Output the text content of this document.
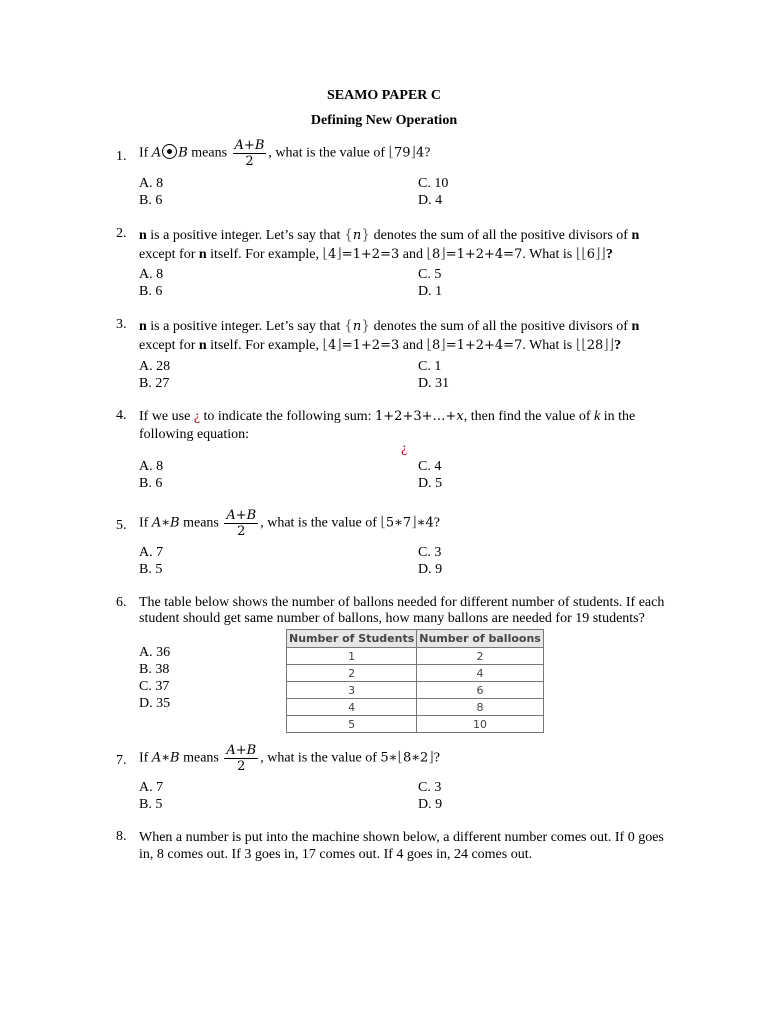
SEAMO PAPER C
Defining New Operation
1. If A B means $\frac{A+B}{2}$ , what is the value of ⌊79⌋4?
A. 8
B. 6
C. 10
D. 4
2. n is a positive integer. Let’s say that {n} denotes the sum of all the positive divisors of n
except for n itself. For example, ⌊4⌋=1+2=3 and ⌊8⌋=1+2+4=7. What is ⌊⌊6⌋⌋?
A. 8
B. 6
C. 5
D. 1
3. n is a positive integer. Let’s say that {n} denotes the sum of all the positive divisors of n
except for n itself. For example, ⌊4⌋=1+2=3 and ⌊8⌋=1+2+4=7. What is ⌊⌊28⌋⌋?
A. 28
B. 27
C. 1
D. 31
4. If we use ¿ to indicate the following sum: 1+2+3+…+x, then find the value of k in the
following equation:
¿
A. 8
B. 6
C. 4
D. 5
5. If A∗B means $\frac{A+B}{2}$ , what is the value of ⌊5∗7⌋∗4?
A. 7
B. 5
C. 3
D. 9
6. The table below shows the number of ballons needed for different number of students. If each student should get same number of ballons, how many ballons are needed for 19 students?
A. 36
B. 38
C. 37
D. 35
Number of Students	Number of balloons
1	2
2	4
3	6
4	8
5	10
7. If A∗B means $\frac{A+B}{2}$ , what is the value of 5∗⌊8∗2⌋?
A. 7
B. 5
C. 3
D. 9
8. When a number is put into the machine shown below, a different number comes out. If 0 goes in, 8 comes out. If 3 goes in, 17 comes out. If 4 goes in, 24 comes out.
